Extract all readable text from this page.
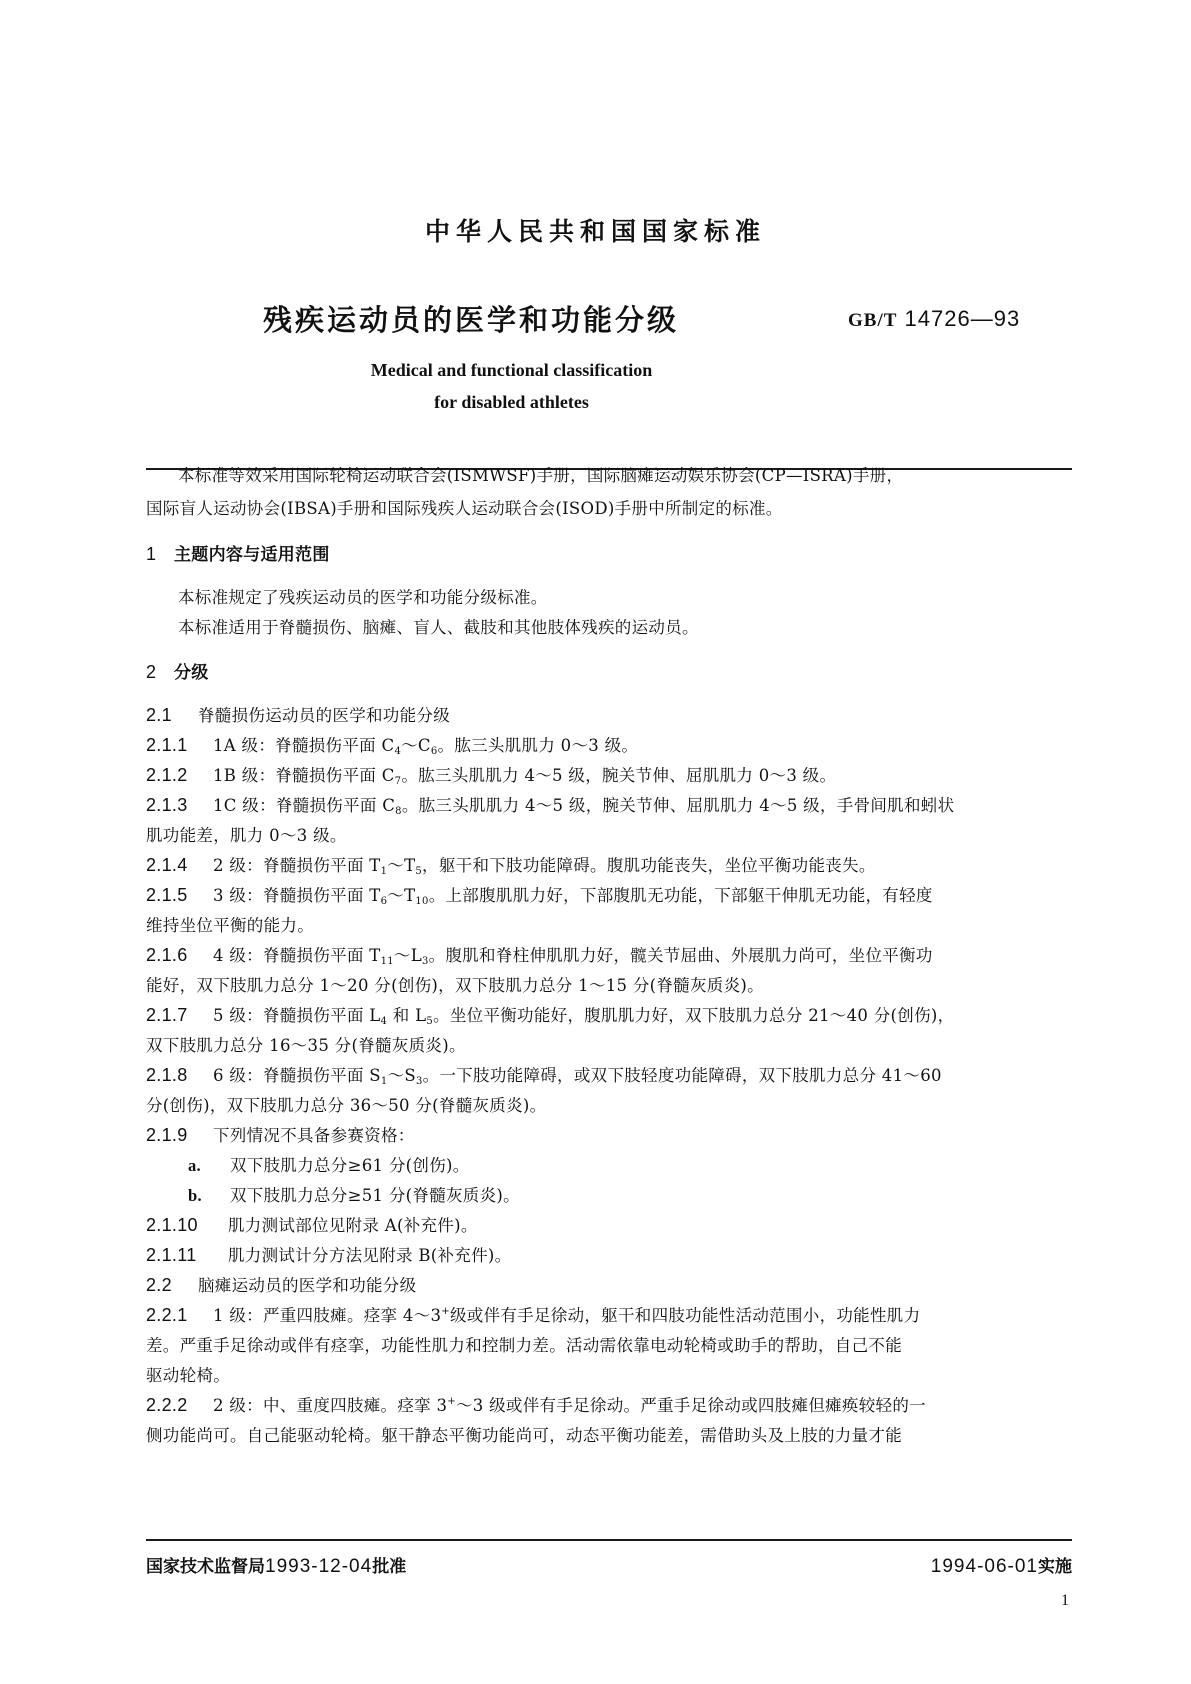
中华人民共和国国家标准
残疾运动员的医学和功能分级	GB/T 14726—93
Medical and functional classification
for disabled athletes
本标准等效采用国际轮椅运动联合会(ISMWSF)手册，国际脑瘫运动娱乐协会(CP—ISRA)手册，
国际盲人运动协会(IBSA)手册和国际残疾人运动联合会(ISOD)手册中所制定的标准。
1 主题内容与适用范围
本标准规定了残疾运动员的医学和功能分级标准。
本标准适用于脊髓损伤、脑瘫、盲人、截肢和其他肢体残疾的运动员。
2 分级
2.1 脊髓损伤运动员的医学和功能分级
2.1.1 1A 级：脊髓损伤平面 $C_4\sim C_6$。肱三头肌肌力 0～3 级。
2.1.2 1B 级：脊髓损伤平面 $C_7$。肱三头肌肌力 4～5 级，腕关节伸、屈肌肌力 0～3 级。
2.1.3 1C 级：脊髓损伤平面 $C_8$。肱三头肌肌力 4～5 级，腕关节伸、屈肌肌力 4～5 级，手骨间肌和蚓状
肌功能差，肌力 0～3 级。
2.1.4 2 级：脊髓损伤平面 $T_1\sim T_5$，躯干和下肢功能障碍。腹肌功能丧失，坐位平衡功能丧失。
2.1.5 3 级：脊髓损伤平面 $T_6\sim T_{10}$。上部腹肌肌力好，下部腹肌无功能，下部躯干伸肌无功能，有轻度
维持坐位平衡的能力。
2.1.6 4 级：脊髓损伤平面 $T_{11}\sim L_3$。腹肌和脊柱伸肌肌力好，髋关节屈曲、外展肌力尚可，坐位平衡功
能好，双下肢肌力总分 1～20 分(创伤)，双下肢肌力总分 1～15 分(脊髓灰质炎)。
2.1.7 5 级：脊髓损伤平面 $L_4$ 和 $L_5$。坐位平衡功能好，腹肌肌力好，双下肢肌力总分 21～40 分(创伤)，
双下肢肌力总分 16～35 分(脊髓灰质炎)。
2.1.8 6 级：脊髓损伤平面 $S_1\sim S_3$。一下肢功能障碍，或双下肢轻度功能障碍，双下肢肌力总分 41～60
分(创伤)，双下肢肌力总分 36～50 分(脊髓灰质炎)。
2.1.9 下列情况不具备参赛资格：
a. 双下肢肌力总分≥61 分(创伤)。
b. 双下肢肌力总分≥51 分(脊髓灰质炎)。
2.1.10 肌力测试部位见附录 A(补充件)。
2.1.11 肌力测试计分方法见附录 B(补充件)。
2.2 脑瘫运动员的医学和功能分级
2.2.1 1 级：严重四肢瘫。痉挛 4～3+级或伴有手足徐动，躯干和四肢功能性活动范围小，功能性肌力
差。严重手足徐动或伴有痉挛，功能性肌力和控制力差。活动需依靠电动轮椅或助手的帮助，自己不能
驱动轮椅。
2.2.2 2 级：中、重度四肢瘫。痉挛 3+～3 级或伴有手足徐动。严重手足徐动或四肢瘫但瘫痪较轻的一
侧功能尚可。自己能驱动轮椅。躯干静态平衡功能尚可，动态平衡功能差，需借助头及上肢的力量才能
国家技术监督局1993-12-04批准	1994-06-01实施
1
